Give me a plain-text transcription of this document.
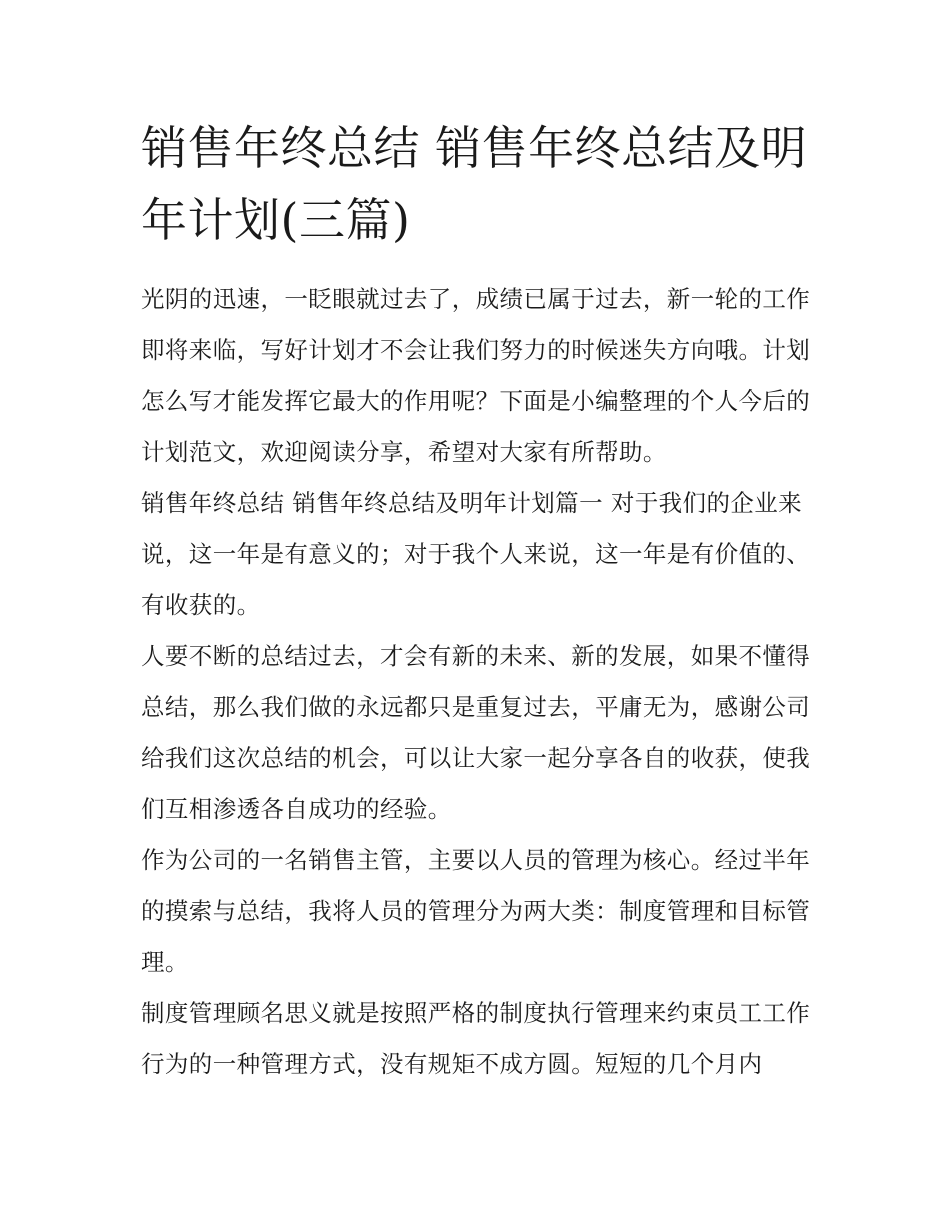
销售年终总结 销售年终总结及明年计划(三篇)

光阴的迅速，一眨眼就过去了，成绩已属于过去，新一轮的工作即将来临，写好计划才不会让我们努力的时候迷失方向哦。计划怎么写才能发挥它最大的作用呢？下面是小编整理的个人今后的计划范文，欢迎阅读分享，希望对大家有所帮助。

销售年终总结 销售年终总结及明年计划篇一 对于我们的企业来说，这一年是有意义的；对于我个人来说，这一年是有价值的、有收获的。

人要不断的总结过去，才会有新的未来、新的发展，如果不懂得总结，那么我们做的永远都只是重复过去，平庸无为，感谢公司给我们这次总结的机会，可以让大家一起分享各自的收获，使我们互相渗透各自成功的经验。

作为公司的一名销售主管，主要以人员的管理为核心。经过半年的摸索与总结，我将人员的管理分为两大类：制度管理和目标管理。

制度管理顾名思义就是按照严格的制度执行管理来约束员工工作行为的一种管理方式，没有规矩不成方圆。短短的几个月内
